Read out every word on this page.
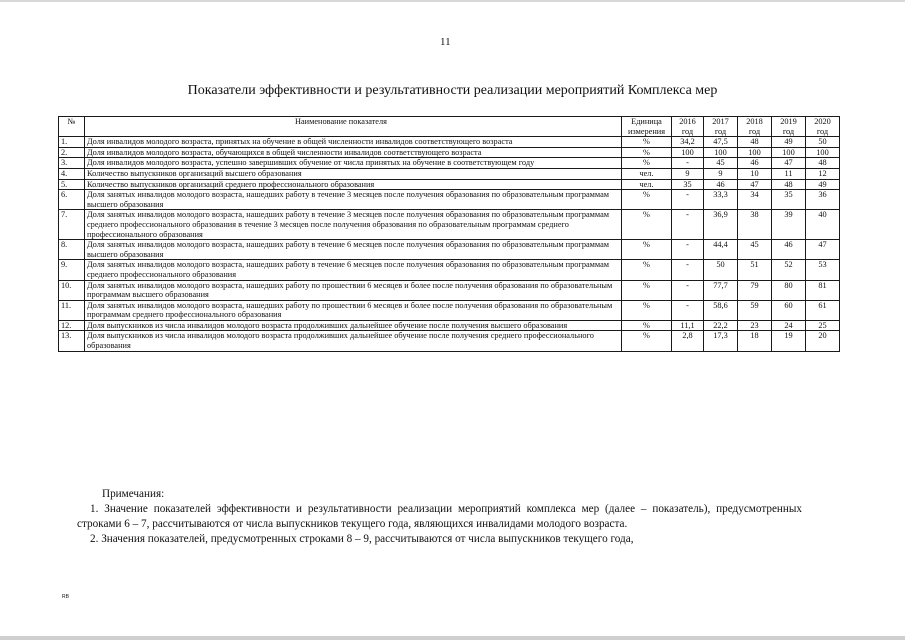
11
Показатели эффективности и результативности реализации мероприятий Комплекса мер
№	Наименование показателя	Единица измерения	2016 год	2017 год	2018 год	2019 год	2020 год
1.	Доля инвалидов молодого возраста, принятых на обучение в общей численности инвалидов соответствующего возраста	%	34,2	47,5	48	49	50
2.	Доля инвалидов молодого возраста, обучающихся в общей численности инвалидов соответствующего возраста	%	100	100	100	100	100
3.	Доля инвалидов молодого возраста, успешно завершивших обучение от числа принятых на обучение в соответствующем году	%	-	45	46	47	48
4.	Количество выпускников организаций высшего образования	чел.	9	9	10	11	12
5.	Количество выпускников организаций среднего профессионального образования	чел.	35	46	47	48	49
6.	Доля занятых инвалидов молодого возраста, нашедших работу в течение 3 месяцев после получения образования по образовательным программам высшего образования	%	-	33,3	34	35	36
7.	Доля занятых инвалидов молодого возраста, нашедших работу в течение 3 месяцев после получения образования по образовательным программам среднего профессионального образования в течение 3 месяцев после получения образования по образовательным программам среднего профессионального образования	%	-	36,9	38	39	40
8.	Доля занятых инвалидов молодого возраста, нашедших работу в течение 6 месяцев после получения образования по образовательным программам высшего образования	%	-	44,4	45	46	47
9.	Доля занятых инвалидов молодого возраста, нашедших работу в течение 6 месяцев после получения образования по образовательным программам среднего профессионального образования	%	-	50	51	52	53
10.	Доля занятых инвалидов молодого возраста, нашедших работу по прошествии 6 месяцев и более после получения образования по образовательным программам высшего образования	%	-	77,7	79	80	81
11.	Доля занятых инвалидов молодого возраста, нашедших работу по прошествии 6 месяцев и более после получения образования по образовательным программам среднего профессионального образования	%	-	58,6	59	60	61
12.	Доля выпускников из числа инвалидов молодого возраста продолживших дальнейшее обучение после получения высшего образования	%	11,1	22,2	23	24	25
13.	Доля выпускников из числа инвалидов молодого возраста продолживших дальнейшее обучение после получения среднего профессионального образования	%	2,8	17,3	18	19	20

Примечания:

1. Значение показателей эффективности и результативности реализации мероприятий комплекса мер (далее – показатель), предусмотренных строками 6 – 7, рассчитываются от числа выпускников текущего года, являющихся инвалидами молодого возраста.

2. Значения показателей, предусмотренных строками 8 – 9, рассчитываются от числа выпускников текущего года,

RB
